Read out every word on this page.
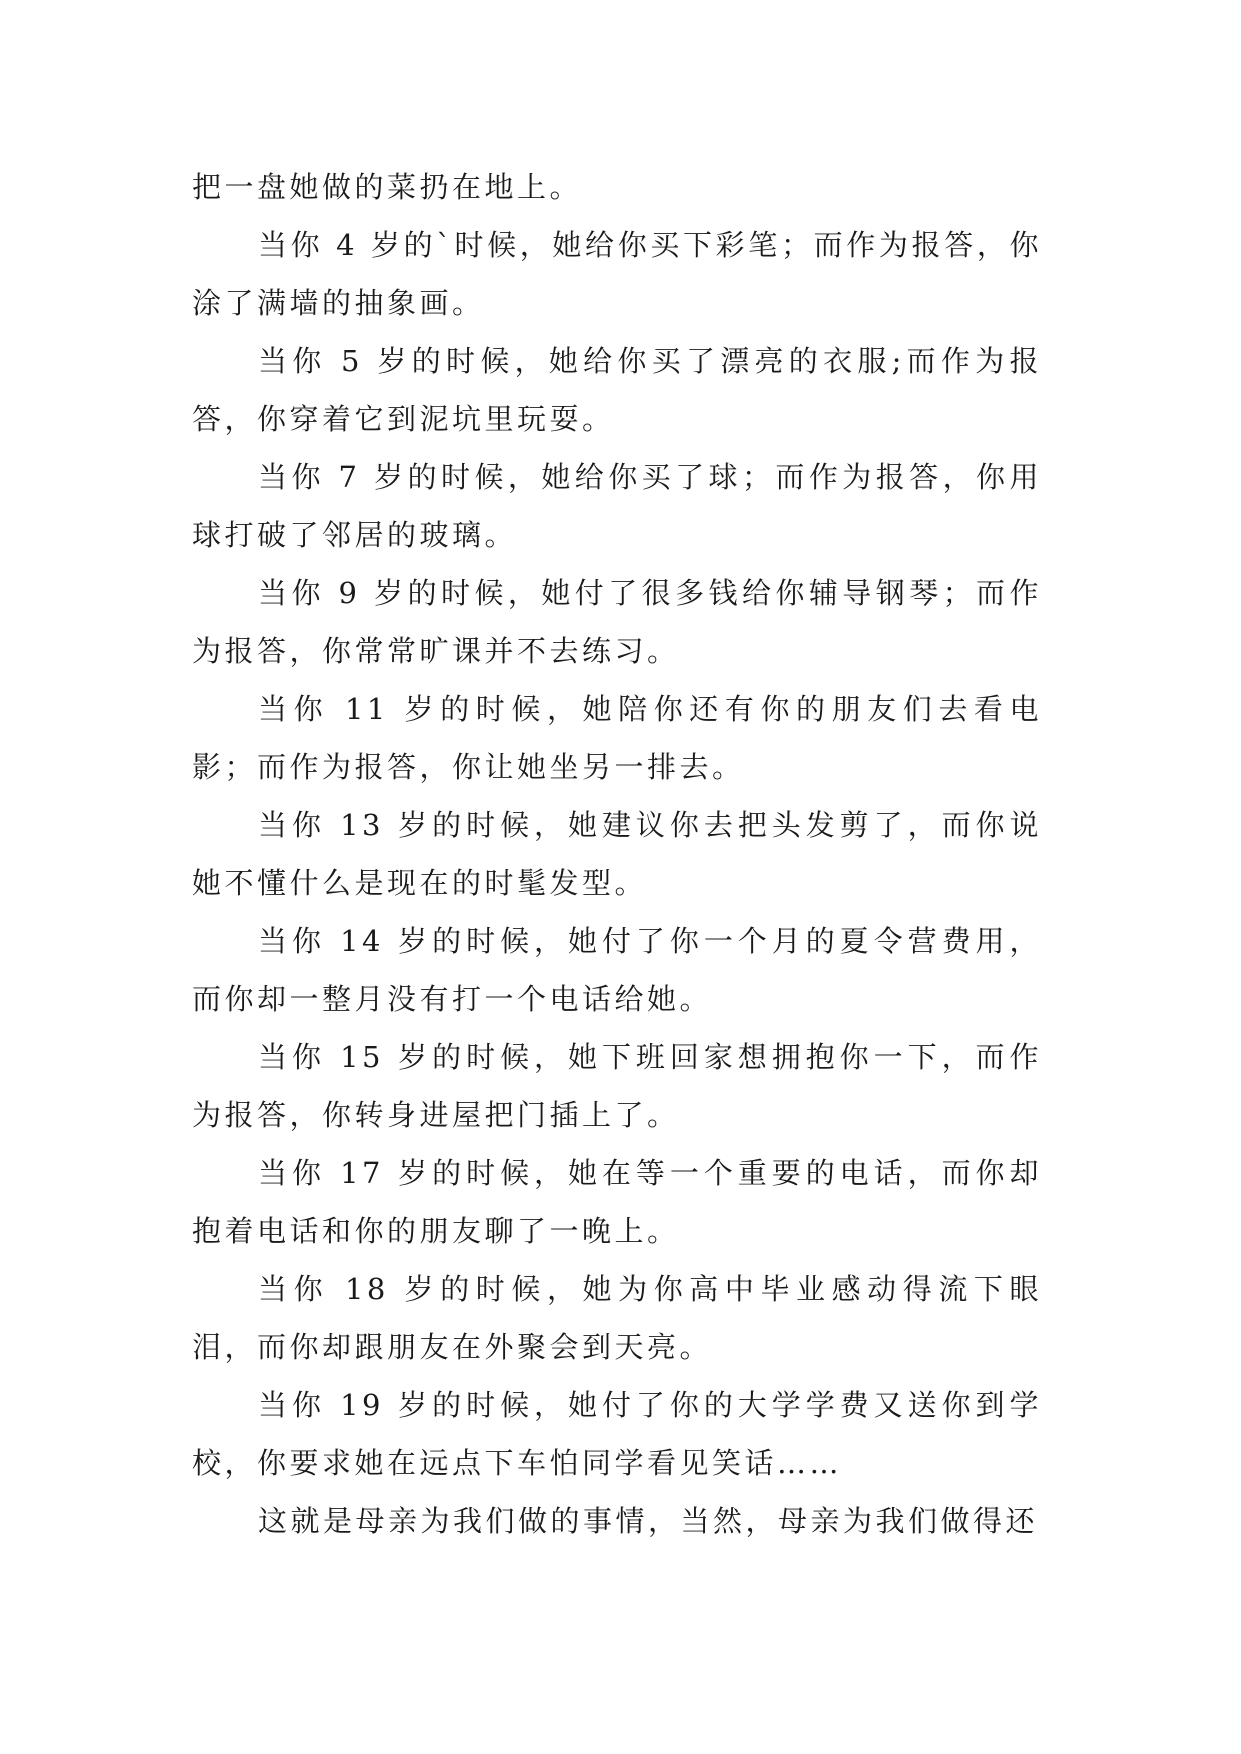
把一盘她做的菜扔在地上。

当你 4 岁的`时候，她给你买下彩笔；而作为报答，你涂了满墙的抽象画。

当你 5 岁的时候，她给你买了漂亮的衣服;而作为报答，你穿着它到泥坑里玩耍。

当你 7 岁的时候，她给你买了球；而作为报答，你用球打破了邻居的玻璃。

当你 9 岁的时候，她付了很多钱给你辅导钢琴；而作为报答，你常常旷课并不去练习。

当你 11 岁的时候，她陪你还有你的朋友们去看电影；而作为报答，你让她坐另一排去。

当你 13 岁的时候，她建议你去把头发剪了，而你说她不懂什么是现在的时髦发型。

当你 14 岁的时候，她付了你一个月的夏令营费用，而你却一整月没有打一个电话给她。

当你 15 岁的时候，她下班回家想拥抱你一下，而作为报答，你转身进屋把门插上了。

当你 17 岁的时候，她在等一个重要的电话，而你却抱着电话和你的朋友聊了一晚上。

当你 18 岁的时候，她为你高中毕业感动得流下眼泪，而你却跟朋友在外聚会到天亮。

当你 19 岁的时候，她付了你的大学学费又送你到学校，你要求她在远点下车怕同学看见笑话……

这就是母亲为我们做的事情，当然，母亲为我们做得还
